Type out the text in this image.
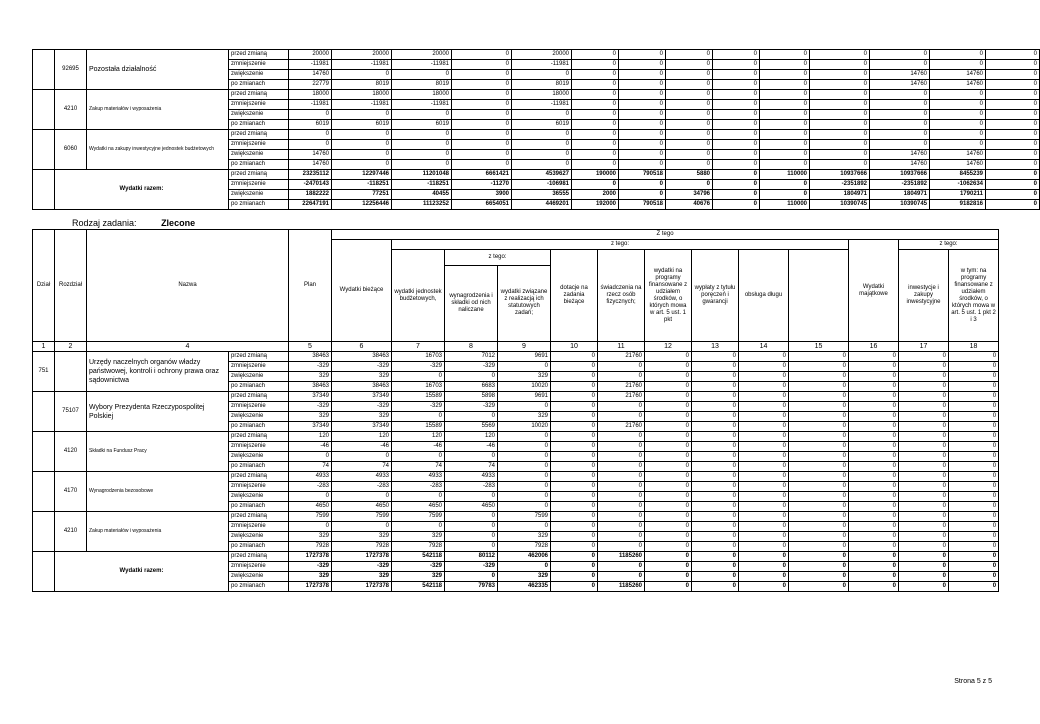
	92695	Pozostała działalność	przed zmianą	20000	20000	20000	0	20000	0	0	0	0	0	0	0	0	0	
			zmniejszenie	-11981	-11981	-11981	0	-11981	0	0	0	0	0	0	0	0	0	
			zwiększenie	14760	0	0	0	0	0	0	0	0	0	0	14760	14760	0	
			po zmianach	22779	8019	8019	0	8019	0	0	0	0	0	0	14760	14760	0	
	4210	Zakup materiałów i wyposażenia	przed zmianą	18000	18000	18000	0	18000	0	0	0	0	0	0	0	0	0	
			zmniejszenie	-11981	-11981	-11981	0	-11981	0	0	0	0	0	0	0	0	0	
			zwiększenie	0	0	0	0	0	0	0	0	0	0	0	0	0	0	
			po zmianach	6019	6019	6019	0	6019	0	0	0	0	0	0	0	0	0	
	6060	Wydatki na zakupy inwestycyjne jednostek budżetowych	przed zmianą	0	0	0	0	0	0	0	0	0	0	0	0	0	0	
			zmniejszenie	0	0	0	0	0	0	0	0	0	0	0	0	0	0	
			zwiększenie	14760	0	0	0	0	0	0	0	0	0	0	14760	14760	0	
			po zmianach	14760	0	0	0	0	0	0	0	0	0	0	14760	14760	0	
	Wydatki razem:		przed zmianą	23235112	12297446	11201048	6661421	4539627	190000	790518	5880	0	110000	10937666	10937666	8455239	0	
			zmniejszenie	-2470143	-118251	-118251	-11270	-106981	0	0	0	0	0	-2351892	-2351892	-1062634	0	
			zwiększenie	1882222	77251	40455	3900	36555	2000	0	34796	0	0	1804971	1804971	1790211	0	
			po zmianach	22647191	12256446	11123252	6654051	4469201	192000	790518	40676	0	110000	10390745	10390745	9182816	0	
Rodzaj zadania:	Zlecone
Dział	Rozdział	Nazwa		Plan	Z tego													
					Wydatki bieżące	z tego:									Wydatki majątkowe	z tego:		
						wydatki jednostek budżetowych,	z tego:		dotacje na zadania bieżące	świadczenia na rzecz osób fizycznych;	wydatki na programy finansowane z udziałem środków, o których mowa w art. 5 ust. 1 pkt	wypłaty z tytułu poręczeń i gwarancji	obsługa długu			inwestycje i zakupy inwestycyjne	w tym: na programy finansowane z udziałem środków, o których mowa w art. 5 ust. 1 pkt 2 i 3	
							wynagrodzenia i składki od nich naliczane	wydatki związane z realizacją ich statutowych zadań;										
1	2	4		5	6	7	8	9	10	11	12	13	14	15	16	17	18	
751		Urzędy naczelnych organów władzy państwowej, kontroli i ochrony prawa oraz sądownictwa	przed zmianą	38463	38463	16703	7012	9691	0	21760	0	0	0	0	0	0	0	
			zmniejszenie	-329	-329	-329	-329	0	0	0	0	0	0	0	0	0	0	
			zwiększenie	329	329	0	0	329	0	0	0	0	0	0	0	0	0	
			po zmianach	38463	38463	16703	6683	10020	0	21760	0	0	0	0	0	0	0	
	75107	Wybory Prezydenta Rzeczypospolitej Polskiej	przed zmianą	37349	37349	15589	5898	9691	0	21760	0	0	0	0	0	0	0	
			zmniejszenie	-329	-329	-329	-329	0	0	0	0	0	0	0	0	0	0	
			zwiększenie	329	329	0	0	329	0	0	0	0	0	0	0	0	0	
			po zmianach	37349	37349	15589	5569	10020	0	21760	0	0	0	0	0	0	0	
	4120	Składki na Fundusz Pracy	przed zmianą	120	120	120	120	0	0	0	0	0	0	0	0	0	0	
			zmniejszenie	-46	-46	-46	-46	0	0	0	0	0	0	0	0	0	0	
			zwiększenie	0	0	0	0	0	0	0	0	0	0	0	0	0	0	
			po zmianach	74	74	74	74	0	0	0	0	0	0	0	0	0	0	
	4170	Wynagrodzenia bezosobowe	przed zmianą	4933	4933	4933	4933	0	0	0	0	0	0	0	0	0	0	
			zmniejszenie	-283	-283	-283	-283	0	0	0	0	0	0	0	0	0	0	
			zwiększenie	0	0	0	0	0	0	0	0	0	0	0	0	0	0	
			po zmianach	4650	4650	4650	4650	0	0	0	0	0	0	0	0	0	0	
	4210	Zakup materiałów i wyposażenia	przed zmianą	7599	7599	7599	0	7599	0	0	0	0	0	0	0	0	0	
			zmniejszenie	0	0	0	0	0	0	0	0	0	0	0	0	0	0	
			zwiększenie	329	329	329	0	329	0	0	0	0	0	0	0	0	0	
			po zmianach	7928	7928	7928	0	7928	0	0	0	0	0	0	0	0	0	
	Wydatki razem:		przed zmianą	1727378	1727378	542118	80112	462006	0	1185260	0	0	0	0	0	0	0	
			zmniejszenie	-329	-329	-329	-329	0	0	0	0	0	0	0	0	0	0	
			zwiększenie	329	329	329	0	329	0	0	0	0	0	0	0	0	0	
			po zmianach	1727378	1727378	542118	79783	462335	0	1185260	0	0	0	0	0	0	0	
Strona 5 z 5
